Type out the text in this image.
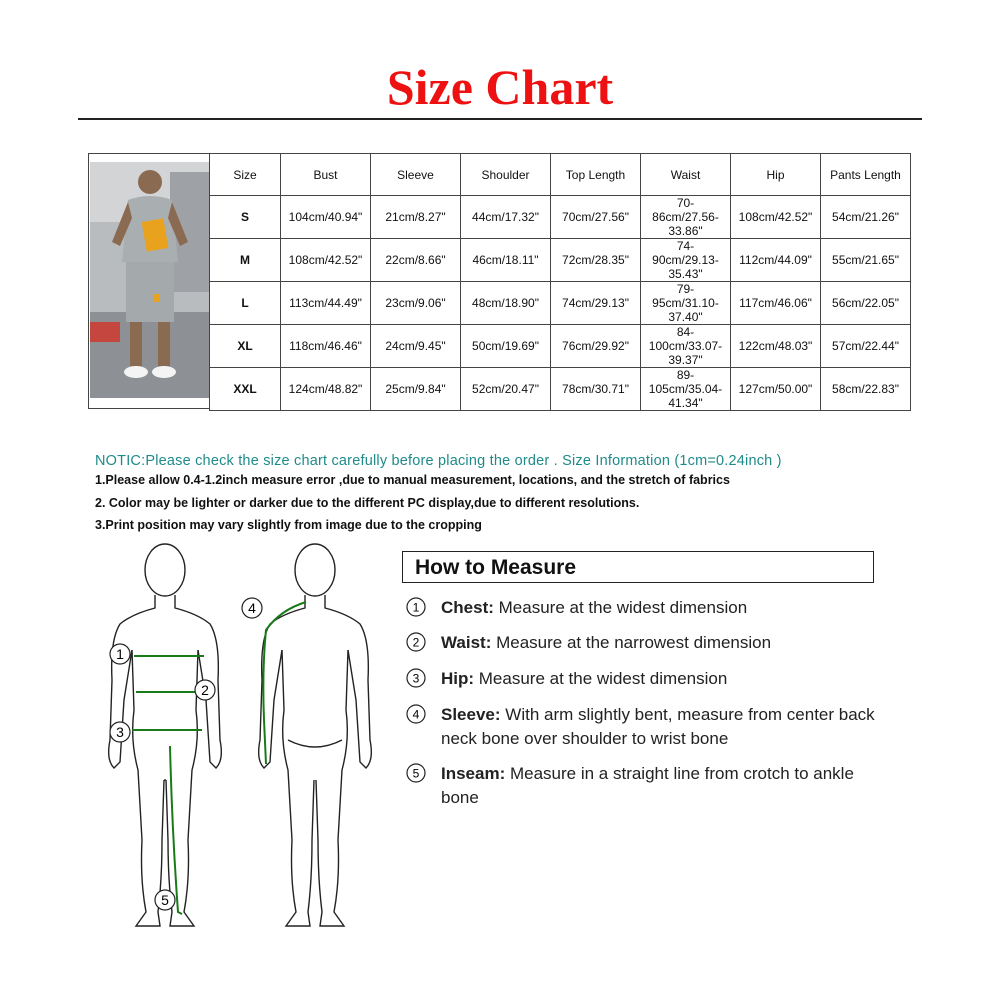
Size Chart
Size	Bust	Sleeve	Shoulder	Top Length	Waist	Hip	Pants Length
S	104cm/40.94"	21cm/8.27"	44cm/17.32"	70cm/27.56"	70-86cm/27.56-33.86"	108cm/42.52"	54cm/21.26"
M	108cm/42.52"	22cm/8.66"	46cm/18.11"	72cm/28.35"	74-90cm/29.13-35.43"	112cm/44.09"	55cm/21.65"
L	113cm/44.49"	23cm/9.06"	48cm/18.90"	74cm/29.13"	79-95cm/31.10-37.40"	117cm/46.06"	56cm/22.05"
XL	118cm/46.46"	24cm/9.45"	50cm/19.69"	76cm/29.92"	84-100cm/33.07-39.37"	122cm/48.03"	57cm/22.44"
XXL	124cm/48.82"	25cm/9.84"	52cm/20.47"	78cm/30.71"	89-105cm/35.04-41.34"	127cm/50.00"	58cm/22.83"
NOTIC:Please check the size chart carefully before placing the order . Size Information (1cm=0.24inch )
1.Please allow 0.4-1.2inch measure error ,due to manual measurement, locations, and the stretch of fabrics
2. Color may be lighter or darker due to the different PC display,due to different resolutions.
3.Print position may vary slightly from image due to the cropping
1
2
3
4
5
How to Measure
1 Chest: Measure at the widest dimension
2 Waist: Measure at the narrowest dimension
3 Hip: Measure at the widest dimension
4 Sleeve: With arm slightly bent, measure from center back neck bone over shoulder to wrist bone
5 Inseam: Measure in a straight line from crotch to ankle bone
